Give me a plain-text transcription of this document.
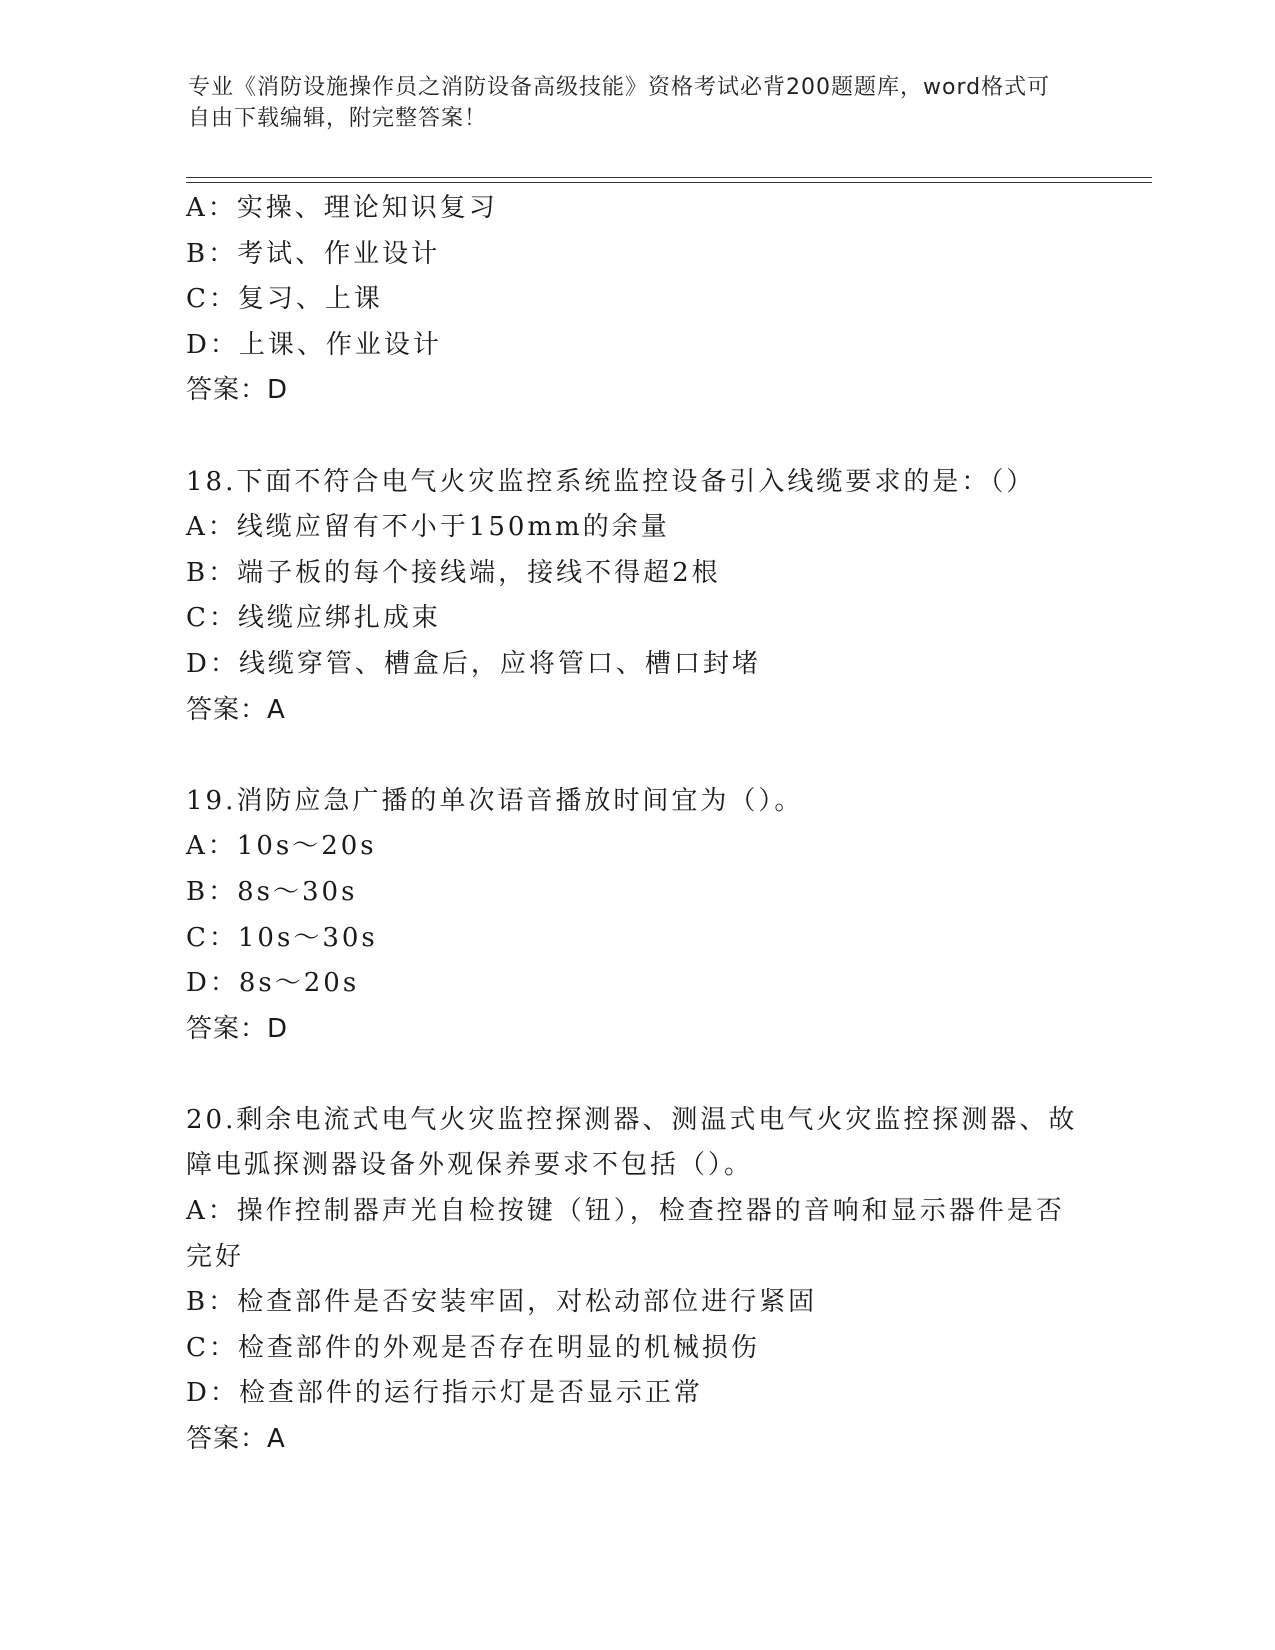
专业《消防设施操作员之消防设备高级技能》资格考试必背200题题库，word格式可自由下载编辑，附完整答案！
A：实操、理论知识复习
B：考试、作业设计
C：复习、上课
D：上课、作业设计
答案：D
18.下面不符合电气火灾监控系统监控设备引入线缆要求的是：（）
A：线缆应留有不小于150mm的余量
B：端子板的每个接线端，接线不得超2根
C：线缆应绑扎成束
D：线缆穿管、槽盒后，应将管口、槽口封堵
答案：A
19.消防应急广播的单次语音播放时间宜为（）。
A：10s～20s
B：8s～30s
C：10s～30s
D：8s～20s
答案：D
20.剩余电流式电气火灾监控探测器、测温式电气火灾监控探测器、故障电弧探测器设备外观保养要求不包括（）。
A：操作控制器声光自检按键（钮），检查控器的音响和显示器件是否完好
B：检查部件是否安装牢固，对松动部位进行紧固
C：检查部件的外观是否存在明显的机械损伤
D：检查部件的运行指示灯是否显示正常
答案：A
